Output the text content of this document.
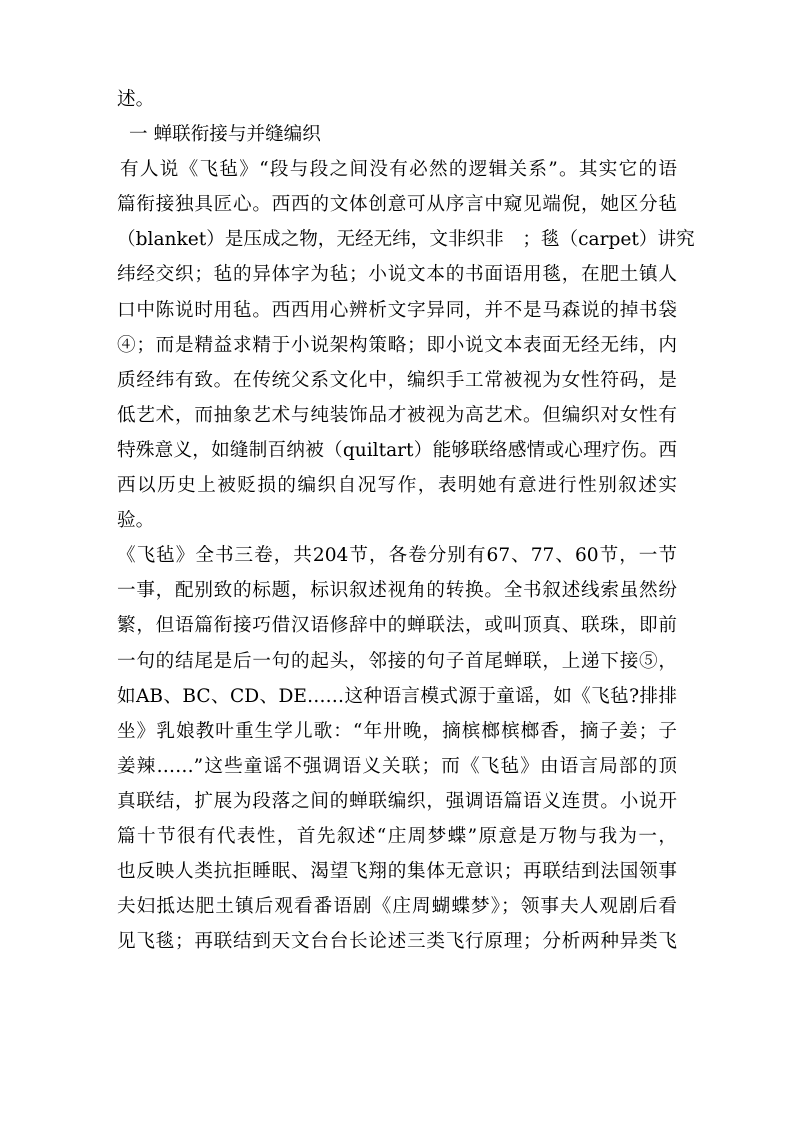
述。
一 蝉联衔接与并缝编织
有人说《飞毡》“段与段之间没有必然的逻辑关系”。其实它的语
篇衔接独具匠心。西西的文体创意可从序言中窥见端倪，她区分毡
（blanket）是压成之物，无经无纬，文非织非　；毯（carpet）讲究
纬经交织；毡的异体字为毡；小说文本的书面语用毯，在肥土镇人
口中陈说时用毡。西西用心辨析文字异同，并不是马森说的掉书袋
④；而是精益求精于小说架构策略；即小说文本表面无经无纬，内
质经纬有致。在传统父系文化中，编织手工常被视为女性符码，是
低艺术，而抽象艺术与纯装饰品才被视为高艺术。但编织对女性有
特殊意义，如缝制百纳被（quiltart）能够联络感情或心理疗伤。西
西以历史上被贬损的编织自况写作，表明她有意进行性别叙述实
验。
《飞毡》全书三卷，共204节，各卷分别有67、77、60节，一节
一事，配别致的标题，标识叙述视角的转换。全书叙述线索虽然纷
繁，但语篇衔接巧借汉语修辞中的蝉联法，或叫顶真、联珠，即前
一句的结尾是后一句的起头，邻接的句子首尾蝉联，上递下接⑤，
如AB、BC、CD、DE……这种语言模式源于童谣，如《飞毡?排排
坐》乳娘教叶重生学儿歌：“年卅晚，摘槟榔槟榔香，摘子姜；子
姜辣……”这些童谣不强调语义关联；而《飞毡》由语言局部的顶
真联结，扩展为段落之间的蝉联编织，强调语篇语义连贯。小说开
篇十节很有代表性，首先叙述“庄周梦蝶”原意是万物与我为一，
也反映人类抗拒睡眠、渴望飞翔的集体无意识；再联结到法国领事
夫妇抵达肥土镇后观看番语剧《庄周蝴蝶梦》；领事夫人观剧后看
见飞毯；再联结到天文台台长论述三类飞行原理；分析两种异类飞
